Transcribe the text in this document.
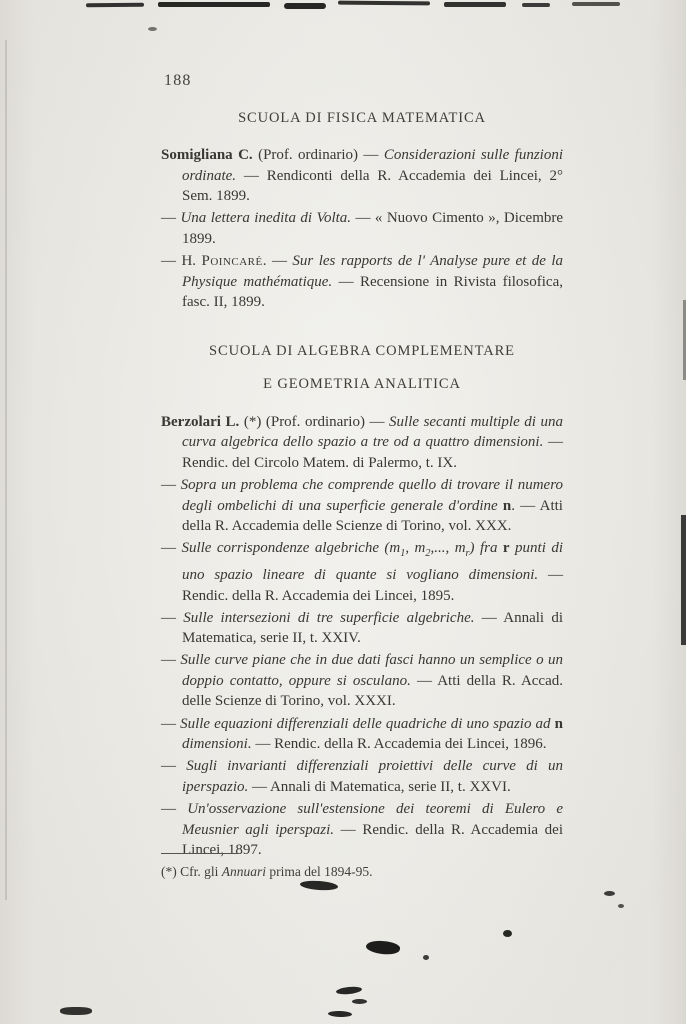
188
SCUOLA DI FISICA MATEMATICA

Somigliana C. (Prof. ordinario) — Considerazioni sulle funzioni ordinate. — Rendiconti della R. Accademia dei Lincei, 2° Sem. 1899.

— Una lettera inedita di Volta. — « Nuovo Cimento », Dicembre 1899.

— H. Poincaré. — Sur les rapports de l' Analyse pure et de la Physique mathématique. — Recensione in Rivista filosofica, fasc. II, 1899.

SCUOLA DI ALGEBRA COMPLEMENTARE
E GEOMETRIA ANALITICA

Berzolari L. (*) (Prof. ordinario) — Sulle secanti multiple di una curva algebrica dello spazio a tre od a quattro dimensioni. — Rendic. del Circolo Matem. di Palermo, t. IX.

— Sopra un problema che comprende quello di trovare il numero degli ombelichi di una superficie generale d'ordine n. — Atti della R. Accademia delle Scienze di Torino, vol. XXX.

— Sulle corrispondenze algebriche ($m_1$, $m_2$,..., $m_r$) fra r punti di uno spazio lineare di quante si vogliano dimensioni. — Rendic. della R. Accademia dei Lincei, 1895.

— Sulle intersezioni di tre superficie algebriche. — Annali di Matematica, serie II, t. XXIV.

— Sulle curve piane che in due dati fasci hanno un semplice o un doppio contatto, oppure si osculano. — Atti della R. Accad. delle Scienze di Torino, vol. XXXI.

— Sulle equazioni differenziali delle quadriche di uno spazio ad n dimensioni. — Rendic. della R. Accademia dei Lincei, 1896.

— Sugli invarianti differenziali proiettivi delle curve di un iperspazio. — Annali di Matematica, serie II, t. XXVI.

— Un'osservazione sull'estensione dei teoremi di Eulero e Meusnier agli iperspazi. — Rendic. della R. Accademia dei Lincei, 1897.

(*) Cfr. gli Annuari prima del 1894-95.
